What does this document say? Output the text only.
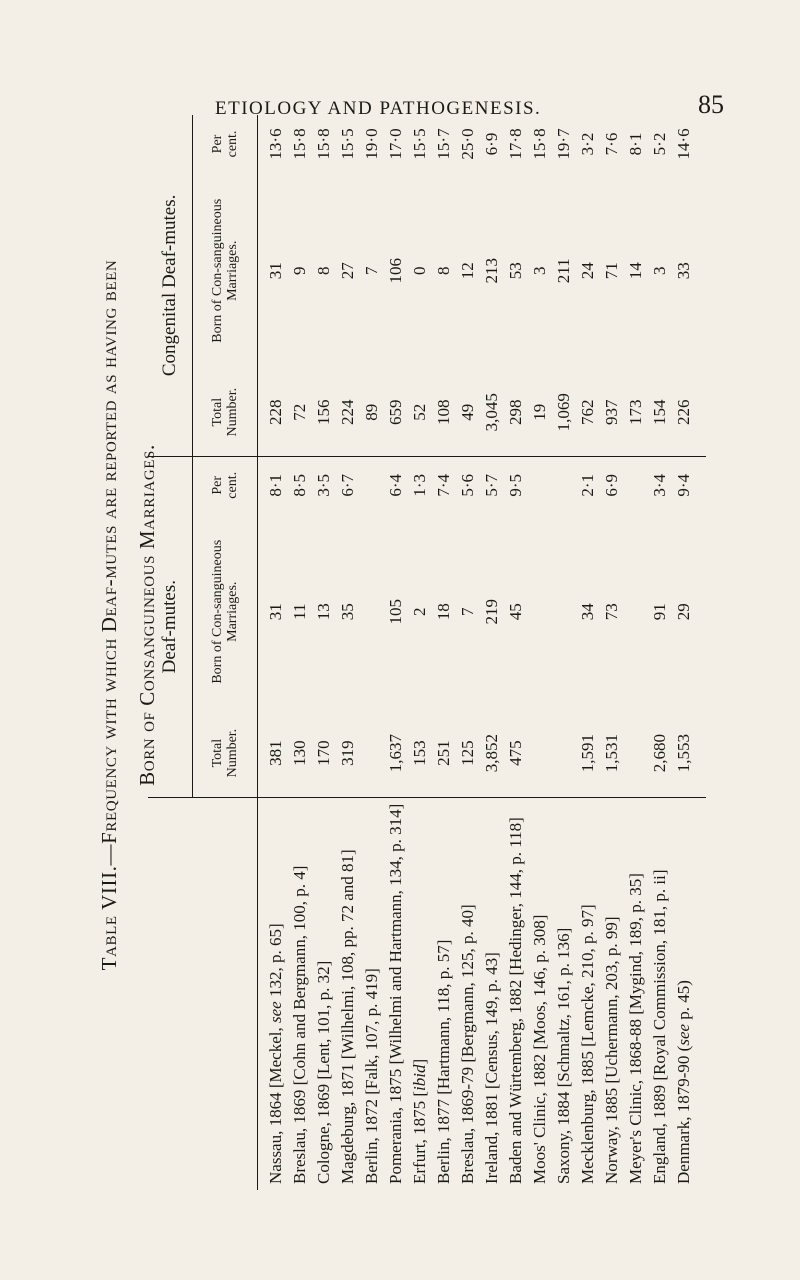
ETIOLOGY AND PATHOGENESIS.	85
Table VIII.—Frequency with which Deaf-mutes are reported as having been Born of Consanguineous Marriages.
	Deaf-mutes.			Congenital Deaf-mutes.		
	Total Number.	Born of Con-sanguineous Marriages.	Per cent.	Total Number.	Born of Con-sanguineous Marriages.	Per cent.
Nassau, 1864 [Meckel, see 132, p. 65]	381	31	8·1	228	31	13·6
Breslau, 1869 [Cohn and Bergmann, 100, p. 4]	130	11	8·5	72	9	15·8
Cologne, 1869 [Lent, 101, p. 32]	170	13	3·5	156	8	15·8
Magdeburg, 1871 [Wilhelmi, 108, pp. 72 and 81]	319	35	6·7	224	27	15·5
Berlin, 1872 [Falk, 107, p. 419]				89	7	19·0
Pomerania, 1875 [Wilhelmi and Hartmann, 134, p. 314]	1,637	105	6·4	659	106	17·0
Erfurt, 1875 [ibid]	153	2	1·3	52	0	15·5
Berlin, 1877 [Hartmann, 118, p. 57]	251	18	7·4	108	8	15·7
Breslau, 1869-79 [Bergmann, 125, p. 40]	125	7	5·6	49	12	25·0
Ireland, 1881 [Census, 149, p. 43]	3,852	219	5·7	3,045	213	6·9
Baden and Würtemberg, 1882 [Hedinger, 144, p. 118]	475	45	9·5	298	53	17·8
Moos' Clinic, 1882 [Moos, 146, p. 308]				19	3	15·8
Saxony, 1884 [Schmaltz, 161, p. 136]				1,069	211	19·7
Mecklenburg, 1885 [Lemcke, 210, p. 97]	1,591	34	2·1	762	24	3·2
Norway, 1885 [Uchermann, 203, p. 99]	1,531	73	6·9	937	71	7·6
Meyer's Clinic, 1868-88 [Mygind, 189, p. 35]				173	14	8·1
England, 1889 [Royal Commission, 181, p. ii]	2,680	91	3·4	154	3	5·2
Denmark, 1879-90 (see p. 45)	1,553	29	9·4	226	33	14·6
